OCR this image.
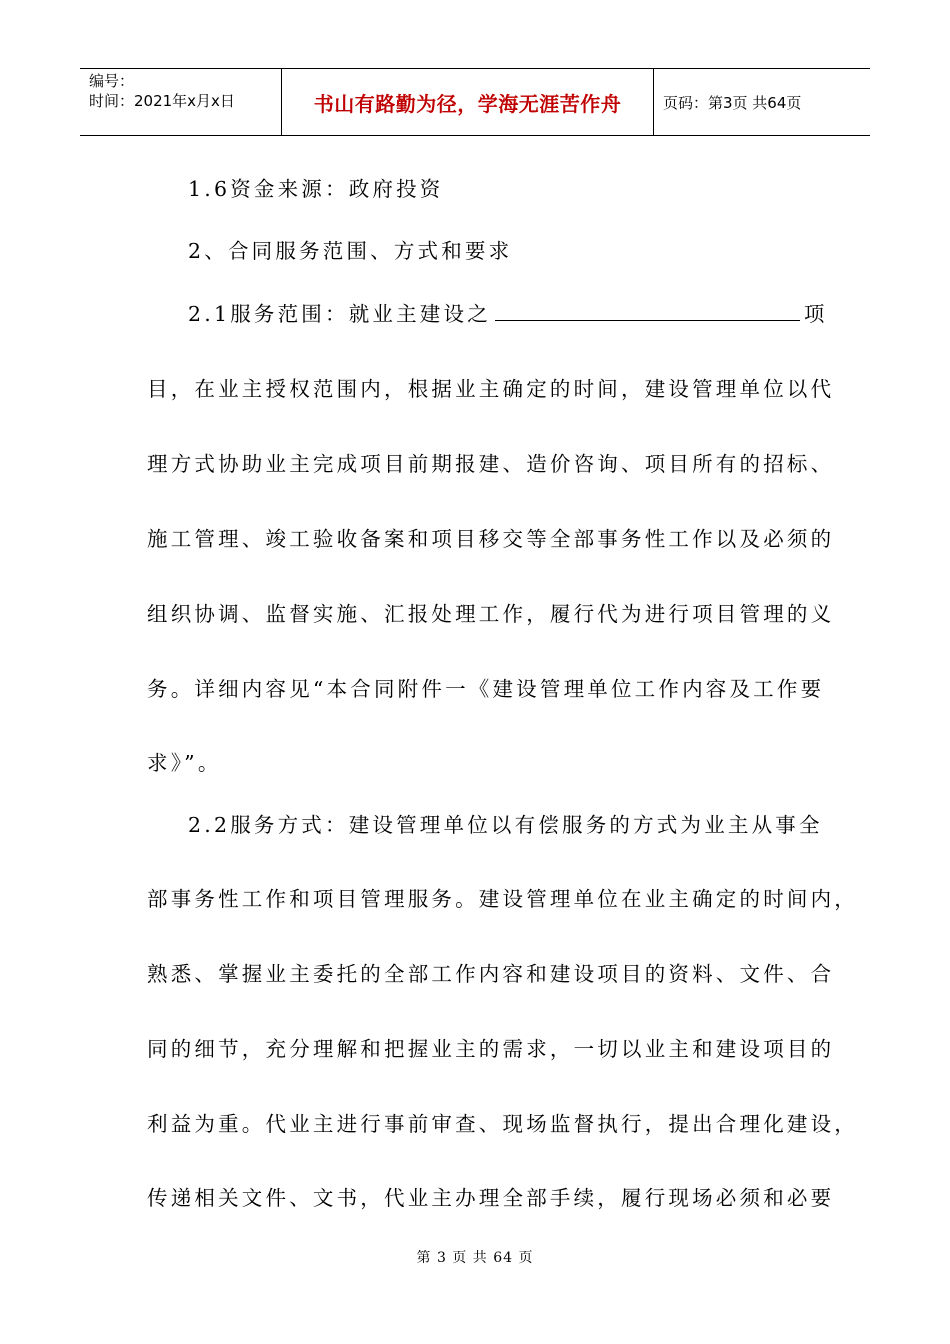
编号：
时间：2021年x月x日	书山有路勤为径，学海无涯苦作舟	页码：第3页 共64页
1.6资金来源：政府投资
2、合同服务范围、方式和要求
2.1服务范围：就业主建设之	项
目，在业主授权范围内，根据业主确定的时间，建设管理单位以代
理方式协助业主完成项目前期报建、造价咨询、项目所有的招标、
施工管理、竣工验收备案和项目移交等全部事务性工作以及必须的
组织协调、监督实施、汇报处理工作，履行代为进行项目管理的义
务。详细内容见“本合同附件一《建设管理单位工作内容及工作要
求》”。
2.2服务方式：建设管理单位以有偿服务的方式为业主从事全
部事务性工作和项目管理服务。建设管理单位在业主确定的时间内，
熟悉、掌握业主委托的全部工作内容和建设项目的资料、文件、合
同的细节，充分理解和把握业主的需求，一切以业主和建设项目的
利益为重。代业主进行事前审查、现场监督执行，提出合理化建设，
传递相关文件、文书，代业主办理全部手续，履行现场必须和必要
第 3 页 共 64 页
